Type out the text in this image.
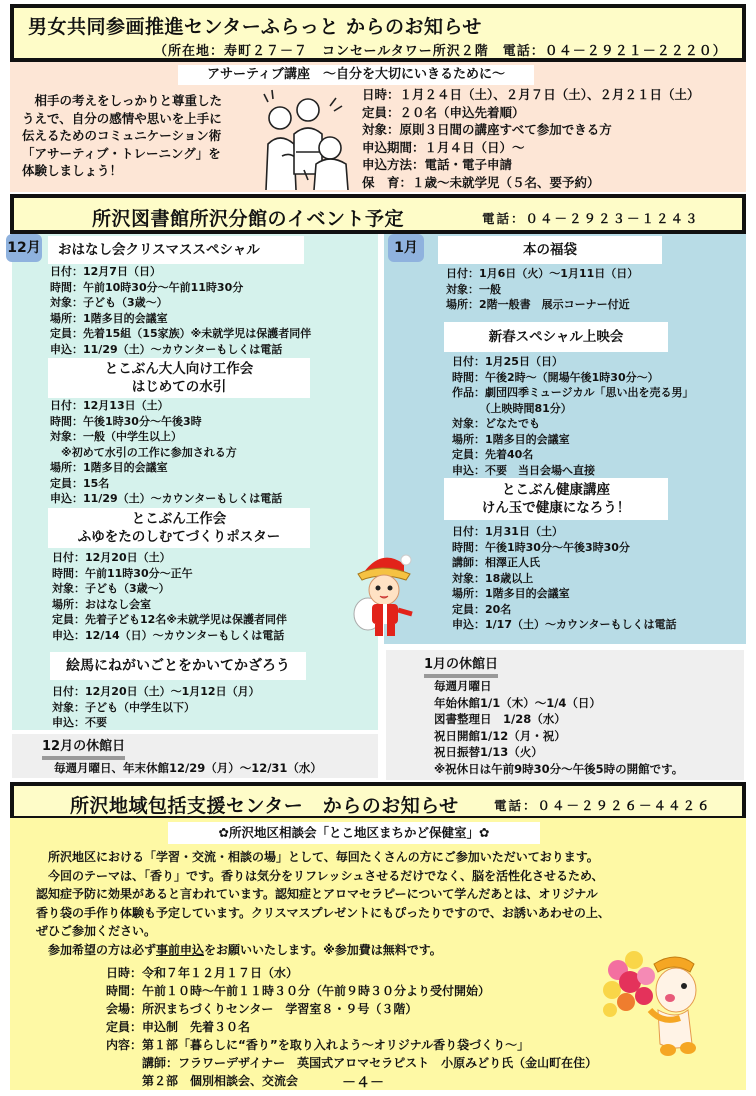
男女共同参画推進センターふらっと からのお知らせ
（所在地：寿町２７－７　コンセールタワー所沢２階　電話：０４－２９２１－２２２０）
アサーティブ講座　～自分を大切にいきるために～
　相手の考えをしっかりと尊重した
うえで、自分の感情や思いを上手に
伝えるためのコミュニケーション術
「アサーティブ・トレーニング」を
体験しましょう！
日時：１月２４日（土）、２月７日（土）、２月２１日（土）
定員：２０名（申込先着順）
対象：原則３日間の講座すべて参加できる方
申込期間：１月４日（日）～
申込方法：電話・電子申請
保　育：１歳～未就学児（５名、要予約）
所沢図書館所沢分館のイベント予定	電話：０４－２９２３－１２４３
12月	おはなし会クリスマススペシャル
日付：12月7日（日）
時間：午前10時30分～午前11時30分
対象：子ども（3歳～）
場所：1階多目的会議室
定員：先着15組（15家族）※未就学児は保護者同伴
申込：11/29（土）～カウンターもしくは電話
とこぶん大人向け工作会
はじめての水引
日付：12月13日（土）
時間：午後1時30分～午後3時
対象：一般（中学生以上）
　※初めて水引の工作に参加される方
場所：1階多目的会議室
定員：15名
申込：11/29（土）～カウンターもしくは電話
とこぶん工作会
ふゆをたのしむてづくりポスター
日付：12月20日（土）
時間：午前11時30分～正午
対象：子ども（3歳～）
場所：おはなし会室
定員：先着子ども12名※未就学児は保護者同伴
申込：12/14（日）～カウンターもしくは電話
絵馬にねがいごとをかいてかざろう
日付：12月20日（土）～1月12日（月）
対象：子ども（中学生以下）
申込：不要
1月	本の福袋
日付：1月6日（火）～1月11日（日）
対象：一般
場所：2階一般書　展示コーナー付近
新春スペシャル上映会
日付：1月25日（日）
時間：午後2時～（開場午後1時30分～）
作品：劇団四季ミュージカル「思い出を売る男」
　　　（上映時間81分）
対象：どなたでも
場所：1階多目的会議室
定員：先着40名
申込：不要　当日会場へ直接
とこぶん健康講座
けん玉で健康になろう！
日付：1月31日（土）
時間：午後1時30分～午後3時30分
講師：相澤正人氏
対象：18歳以上
場所：1階多目的会議室
定員：20名
申込：1/17（土）～カウンターもしくは電話
12月の休館日
毎週月曜日、年末休館12/29（月）～12/31（水）
1月の休館日
毎週月曜日
年始休館1/1（木）～1/4（日）
図書整理日　1/28（水）
祝日開館1/12（月・祝）
祝日振替1/13（火）
※祝休日は午前9時30分～午後5時の開館です。
所沢地域包括支援センター　からのお知らせ	電話：０４－２９２６－４４２６
✿所沢地区相談会「とこ地区まちかど保健室」✿
　所沢地区における「学習・交流・相談の場」として、毎回たくさんの方にご参加いただいております。
　今回のテーマは、「香り」です。香りは気分をリフレッシュさせるだけでなく、脳を活性化させるため、
認知症予防に効果があると言われています。認知症とアロマセラピーについて学んだあとは、オリジナル
香り袋の手作り体験も予定しています。クリスマスプレゼントにもぴったりですので、お誘いあわせの上、
ぜひご参加ください。
　参加希望の方は必ず事前申込をお願いいたします。※参加費は無料です。
日時：令和７年１２月１７日（水）
時間：午前１０時～午前１１時３０分（午前９時３０分より受付開始）
会場：所沢まちづくりセンター　学習室８・９号（３階）
定員：申込制　先着３０名
内容：第１部「暮らしに“香り”を取り入れよう～オリジナル香り袋づくり～」
　　　講師：フラワーデザイナー　英国式アロマセラピスト　小原みどり氏（金山町在住）
　　　第２部　個別相談会、交流会	－４－
